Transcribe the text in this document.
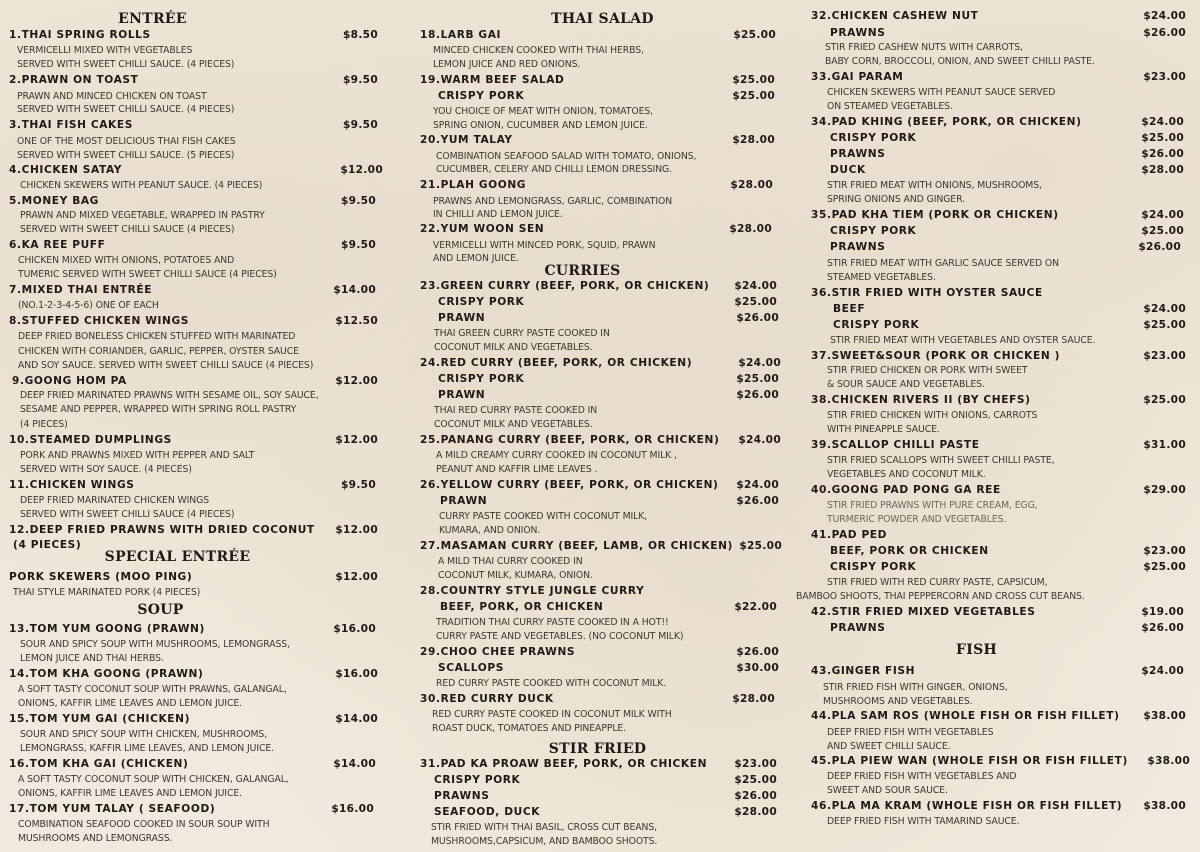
ENTRÉE
1.THAI SPRING ROLLS	$8.50
VERMICELLI MIXED WITH VEGETABLES
SERVED WITH SWEET CHILLI SAUCE. (4 PIECES)
2.PRAWN ON TOAST	$9.50
PRAWN AND MINCED CHICKEN ON TOAST
SERVED WITH SWEET CHILLI SAUCE. (4 PIECES)
3.THAI FISH CAKES	$9.50
ONE OF THE MOST DELICIOUS THAI FISH CAKES
SERVED WITH SWEET CHILLI SAUCE. (5 PIECES)
4.CHICKEN SATAY	$12.00
CHICKEN SKEWERS WITH PEANUT SAUCE. (4 PIECES)
5.MONEY BAG	$9.50
PRAWN AND MIXED VEGETABLE, WRAPPED IN PASTRY
SERVED WITH SWEET CHILLI SAUCE (4 PIECES)
6.KA REE PUFF	$9.50
CHICKEN MIXED WITH ONIONS, POTATOES AND
TUMERIC SERVED WITH SWEET CHILLI SAUCE (4 PIECES)
7.MIXED THAI ENTRÉE	$14.00
(NO.1-2-3-4-5-6) ONE OF EACH
8.STUFFED CHICKEN WINGS	$12.50
DEEP FRIED BONELESS CHICKEN STUFFED WITH MARINATED
CHICKEN WITH CORIANDER, GARLIC, PEPPER, OYSTER SAUCE
AND SOY SAUCE. SERVED WITH SWEET CHILLI SAUCE (4 PIECES)
9.GOONG HOM PA	$12.00
DEEP FRIED MARINATED PRAWNS WITH SESAME OIL, SOY SAUCE,
SESAME AND PEPPER, WRAPPED WITH SPRING ROLL PASTRY
(4 PIECES)
10.STEAMED DUMPLINGS	$12.00
PORK AND PRAWNS MIXED WITH PEPPER AND SALT
SERVED WITH SOY SAUCE. (4 PIECES)
11.CHICKEN WINGS	$9.50
DEEP FRIED MARINATED CHICKEN WINGS
SERVED WITH SWEET CHILLI SAUCE (4 PIECES)
12.DEEP FRIED PRAWNS WITH DRIED COCONUT $12.00
(4 PIECES)
SPECIAL ENTRÉE
PORK SKEWERS (MOO PING)	$12.00
THAI STYLE MARINATED PORK (4 PIECES)
SOUP
13.TOM YUM GOONG (PRAWN)	$16.00
SOUR AND SPICY SOUP WITH MUSHROOMS, LEMONGRASS,
LEMON JUICE AND THAI HERBS.
14.TOM KHA GOONG (PRAWN)	$16.00
A SOFT TASTY COCONUT SOUP WITH PRAWNS, GALANGAL,
ONIONS, KAFFIR LIME LEAVES AND LEMON JUICE.
15.TOM YUM GAI (CHICKEN)	$14.00
SOUR AND SPICY SOUP WITH CHICKEN, MUSHROOMS,
LEMONGRASS, KAFFIR LIME LEAVES, AND LEMON JUICE.
16.TOM KHA GAI (CHICKEN)	$14.00
A SOFT TASTY COCONUT SOUP WITH CHICKEN, GALANGAL,
ONIONS, KAFFIR LIME LEAVES AND LEMON JUICE.
17.TOM YUM TALAY ( SEAFOOD)	$16.00
COMBINATION SEAFOOD COOKED IN SOUR SOUP WITH
MUSHROOMS AND LEMONGRASS.
THAI SALAD
18.LARB GAI	$25.00
MINCED CHICKEN COOKED WITH THAI HERBS,
LEMON JUICE AND RED ONIONS.
19.WARM BEEF SALAD	$25.00
CRISPY PORK	$25.00
YOU CHOICE OF MEAT WITH ONION, TOMATOES,
SPRING ONION, CUCUMBER AND LEMON JUICE.
20.YUM TALAY	$28.00
COMBINATION SEAFOOD SALAD WITH TOMATO, ONIONS,
CUCUMBER, CELERY AND CHILLI LEMON DRESSING.
21.PLAH GOONG	$28.00
PRAWNS AND LEMONGRASS, GARLIC, COMBINATION
IN CHILLI AND LEMON JUICE.
22.YUM WOON SEN	$28.00
VERMICELLI WITH MINCED PORK, SQUID, PRAWN
AND LEMON JUICE.
CURRIES
23.GREEN CURRY (BEEF, PORK, OR CHICKEN) $24.00
CRISPY PORK	$25.00
PRAWN	$26.00
THAI GREEN CURRY PASTE COOKED IN
COCONUT MILK AND VEGETABLES.
24.RED CURRY (BEEF, PORK, OR CHICKEN)	$24.00
CRISPY PORK	$25.00
PRAWN	$26.00
THAI RED CURRY PASTE COOKED IN
COCONUT MILK AND VEGETABLES.
25.PANANG CURRY (BEEF, PORK, OR CHICKEN) $24.00
A MILD CREAMY CURRY COOKED IN COCONUT MILK ,
PEANUT AND KAFFIR LIME LEAVES .
26.YELLOW CURRY (BEEF, PORK, OR CHICKEN) $24.00
PRAWN	$26.00
CURRY PASTE COOKED WITH COCONUT MILK,
KUMARA, AND ONION.
27.MASAMAN CURRY (BEEF, LAMB, OR CHICKEN) $25.00
A MILD THAI CURRY COOKED IN
COCONUT MILK, KUMARA, ONION.
28.COUNTRY STYLE JUNGLE CURRY
BEEF, PORK, OR CHICKEN	$22.00
TRADITION THAI CURRY PASTE COOKED IN A HOT!!
CURRY PASTE AND VEGETABLES. (NO COCONUT MILK)
29.CHOO CHEE PRAWNS	$26.00
SCALLOPS	$30.00
RED CURRY PASTE COOKED WITH COCONUT MILK.
30.RED CURRY DUCK	$28.00
RED CURRY PASTE COOKED IN COCONUT MILK WITH
ROAST DUCK, TOMATOES AND PINEAPPLE.
STIR FRIED
31.PAD KA PROAW BEEF, PORK, OR CHICKEN	$23.00
CRISPY PORK	$25.00
PRAWNS	$26.00
SEAFOOD, DUCK	$28.00
STIR FRIED WITH THAI BASIL, CROSS CUT BEANS,
MUSHROOMS,CAPSICUM, AND BAMBOO SHOOTS.
32.CHICKEN CASHEW NUT	$24.00
PRAWNS	$26.00
STIR FRIED CASHEW NUTS WITH CARROTS,
BABY CORN, BROCCOLI, ONION, AND SWEET CHILLI PASTE.
33.GAI PARAM	$23.00
CHICKEN SKEWERS WITH PEANUT SAUCE SERVED
ON STEAMED VEGETABLES.
34.PAD KHING (BEEF, PORK, OR CHICKEN)	$24.00
CRISPY PORK	$25.00
PRAWNS	$26.00
DUCK	$28.00
STIR FRIED MEAT WITH ONIONS, MUSHROOMS,
SPRING ONIONS AND GINGER.
35.PAD KHA TIEM (PORK OR CHICKEN)	$24.00
CRISPY PORK	$25.00
PRAWNS	$26.00
STIR FRIED MEAT WITH GARLIC SAUCE SERVED ON
STEAMED VEGETABLES.
36.STIR FRIED WITH OYSTER SAUCE
BEEF	$24.00
CRISPY PORK	$25.00
STIR FRIED MEAT WITH VEGETABLES AND OYSTER SAUCE.
37.SWEET&SOUR (PORK OR CHICKEN )	$23.00
STIR FRIED CHICKEN OR PORK WITH SWEET
& SOUR SAUCE AND VEGETABLES.
38.CHICKEN RIVERS II (BY CHEFS)	$25.00
STIR FRIED CHICKEN WITH ONIONS, CARROTS
WITH PINEAPPLE SAUCE.
39.SCALLOP CHILLI PASTE	$31.00
STIR FRIED SCALLOPS WITH SWEET CHILLI PASTE,
VEGETABLES AND COCONUT MILK.
40.GOONG PAD PONG GA REE	$29.00
STIR FRIED PRAWNS WITH PURE CREAM, EGG,
TURMERIC POWDER AND VEGETABLES.
41.PAD PED
BEEF, PORK OR CHICKEN	$23.00
CRISPY PORK	$25.00
STIR FRIED WITH RED CURRY PASTE, CAPSICUM,
BAMBOO SHOOTS, THAI PEPPERCORN AND CROSS CUT BEANS.
42.STIR FRIED MIXED VEGETABLES	$19.00
PRAWNS	$26.00
FISH
43.GINGER FISH	$24.00
STIR FRIED FISH WITH GINGER, ONIONS,
MUSHROOMS AND VEGETABLES.
44.PLA SAM ROS (WHOLE FISH OR FISH FILLET) $38.00
DEEP FRIED FISH WITH VEGETABLES
AND SWEET CHILLI SAUCE.
45.PLA PIEW WAN (WHOLE FISH OR FISH FILLET) $38.00
DEEP FRIED FISH WITH VEGETABLES AND
SWEET AND SOUR SAUCE.
46.PLA MA KRAM (WHOLE FISH OR FISH FILLET) $38.00
DEEP FRIED FISH WITH TAMARIND SAUCE.
